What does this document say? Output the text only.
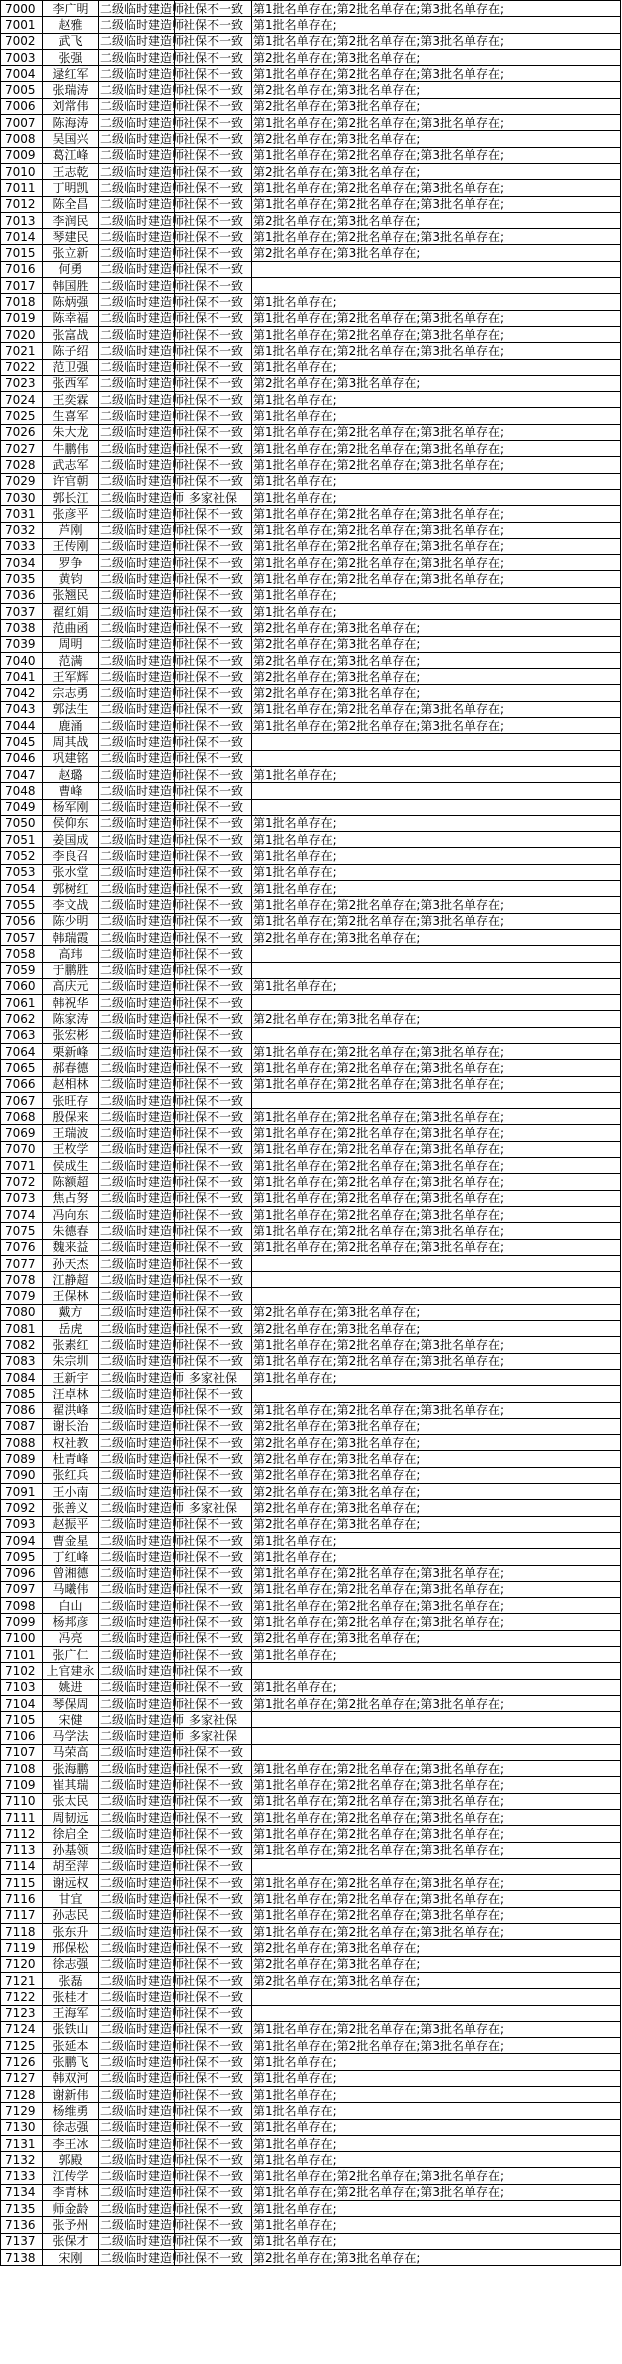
7000	李广明	二级临时建造师	社保不一致	第1批名单存在;第2批名单存在;第3批名单存在;
7001	赵雅	二级临时建造师	社保不一致	第1批名单存在;
7002	武飞	二级临时建造师	社保不一致	第1批名单存在;第2批名单存在;第3批名单存在;
7003	张强	二级临时建造师	社保不一致	第2批名单存在;第3批名单存在;
7004	逯红军	二级临时建造师	社保不一致	第1批名单存在;第2批名单存在;第3批名单存在;
7005	张瑞涛	二级临时建造师	社保不一致	第2批名单存在;第3批名单存在;
7006	刘常伟	二级临时建造师	社保不一致	第2批名单存在;第3批名单存在;
7007	陈海涛	二级临时建造师	社保不一致	第1批名单存在;第2批名单存在;第3批名单存在;
7008	吴国兴	二级临时建造师	社保不一致	第2批名单存在;第3批名单存在;
7009	葛江峰	二级临时建造师	社保不一致	第1批名单存在;第2批名单存在;第3批名单存在;
7010	王志乾	二级临时建造师	社保不一致	第2批名单存在;第3批名单存在;
7011	丁明凯	二级临时建造师	社保不一致	第1批名单存在;第2批名单存在;第3批名单存在;
7012	陈全昌	二级临时建造师	社保不一致	第1批名单存在;第2批名单存在;第3批名单存在;
7013	李润民	二级临时建造师	社保不一致	第2批名单存在;第3批名单存在;
7014	琴建民	二级临时建造师	社保不一致	第1批名单存在;第2批名单存在;第3批名单存在;
7015	张立新	二级临时建造师	社保不一致	第2批名单存在;第3批名单存在;
7016	何勇	二级临时建造师	社保不一致	
7017	韩国胜	二级临时建造师	社保不一致	
7018	陈炳强	二级临时建造师	社保不一致	第1批名单存在;
7019	陈幸福	二级临时建造师	社保不一致	第1批名单存在;第2批名单存在;第3批名单存在;
7020	张富战	二级临时建造师	社保不一致	第1批名单存在;第2批名单存在;第3批名单存在;
7021	陈子绍	二级临时建造师	社保不一致	第1批名单存在;第2批名单存在;第3批名单存在;
7022	范卫强	二级临时建造师	社保不一致	第1批名单存在;
7023	张西军	二级临时建造师	社保不一致	第2批名单存在;第3批名单存在;
7024	王奕霖	二级临时建造师	社保不一致	第1批名单存在;
7025	生喜军	二级临时建造师	社保不一致	第1批名单存在;
7026	朱大龙	二级临时建造师	社保不一致	第1批名单存在;第2批名单存在;第3批名单存在;
7027	牛鹏伟	二级临时建造师	社保不一致	第1批名单存在;第2批名单存在;第3批名单存在;
7028	武志军	二级临时建造师	社保不一致	第1批名单存在;第2批名单存在;第3批名单存在;
7029	许官朝	二级临时建造师	社保不一致	第1批名单存在;
7030	郭长江	二级临时建造师	多家社保	第1批名单存在;
7031	张彦平	二级临时建造师	社保不一致	第1批名单存在;第2批名单存在;第3批名单存在;
7032	芦刚	二级临时建造师	社保不一致	第1批名单存在;第2批名单存在;第3批名单存在;
7033	王传刚	二级临时建造师	社保不一致	第1批名单存在;第2批名单存在;第3批名单存在;
7034	罗争	二级临时建造师	社保不一致	第1批名单存在;第2批名单存在;第3批名单存在;
7035	黄钧	二级临时建造师	社保不一致	第1批名单存在;第2批名单存在;第3批名单存在;
7036	张翘民	二级临时建造师	社保不一致	第1批名单存在;
7037	翟红娟	二级临时建造师	社保不一致	第1批名单存在;
7038	范曲函	二级临时建造师	社保不一致	第2批名单存在;第3批名单存在;
7039	周明	二级临时建造师	社保不一致	第2批名单存在;第3批名单存在;
7040	范满	二级临时建造师	社保不一致	第2批名单存在;第3批名单存在;
7041	王军辉	二级临时建造师	社保不一致	第2批名单存在;第3批名单存在;
7042	宗志勇	二级临时建造师	社保不一致	第2批名单存在;第3批名单存在;
7043	郭法生	二级临时建造师	社保不一致	第1批名单存在;第2批名单存在;第3批名单存在;
7044	鹿涌	二级临时建造师	社保不一致	第1批名单存在;第2批名单存在;第3批名单存在;
7045	周其战	二级临时建造师	社保不一致	
7046	巩建铭	二级临时建造师	社保不一致	
7047	赵璐	二级临时建造师	社保不一致	第1批名单存在;
7048	曹峰	二级临时建造师	社保不一致	
7049	杨军刚	二级临时建造师	社保不一致	
7050	侯仰东	二级临时建造师	社保不一致	第1批名单存在;
7051	姜国成	二级临时建造师	社保不一致	第1批名单存在;
7052	李良召	二级临时建造师	社保不一致	第1批名单存在;
7053	张水堂	二级临时建造师	社保不一致	第1批名单存在;
7054	郭树红	二级临时建造师	社保不一致	第1批名单存在;
7055	李文战	二级临时建造师	社保不一致	第1批名单存在;第2批名单存在;第3批名单存在;
7056	陈少明	二级临时建造师	社保不一致	第1批名单存在;第2批名单存在;第3批名单存在;
7057	韩瑞霞	二级临时建造师	社保不一致	第2批名单存在;第3批名单存在;
7058	高玮	二级临时建造师	社保不一致	
7059	于鹏胜	二级临时建造师	社保不一致	
7060	高庆元	二级临时建造师	社保不一致	第1批名单存在;
7061	韩祝华	二级临时建造师	社保不一致	
7062	陈家涛	二级临时建造师	社保不一致	第2批名单存在;第3批名单存在;
7063	张宏彬	二级临时建造师	社保不一致	
7064	栗新峰	二级临时建造师	社保不一致	第1批名单存在;第2批名单存在;第3批名单存在;
7065	郝春德	二级临时建造师	社保不一致	第1批名单存在;第2批名单存在;第3批名单存在;
7066	赵相林	二级临时建造师	社保不一致	第1批名单存在;第2批名单存在;第3批名单存在;
7067	张旺存	二级临时建造师	社保不一致	
7068	殷保来	二级临时建造师	社保不一致	第1批名单存在;第2批名单存在;第3批名单存在;
7069	王瑞波	二级临时建造师	社保不一致	第1批名单存在;第2批名单存在;第3批名单存在;
7070	王枚学	二级临时建造师	社保不一致	第1批名单存在;第2批名单存在;第3批名单存在;
7071	侯成生	二级临时建造师	社保不一致	第1批名单存在;第2批名单存在;第3批名单存在;
7072	陈额超	二级临时建造师	社保不一致	第1批名单存在;第2批名单存在;第3批名单存在;
7073	焦占努	二级临时建造师	社保不一致	第1批名单存在;第2批名单存在;第3批名单存在;
7074	冯向东	二级临时建造师	社保不一致	第1批名单存在;第2批名单存在;第3批名单存在;
7075	朱德春	二级临时建造师	社保不一致	第1批名单存在;第2批名单存在;第3批名单存在;
7076	魏来益	二级临时建造师	社保不一致	第1批名单存在;第2批名单存在;第3批名单存在;
7077	孙天杰	二级临时建造师	社保不一致	
7078	江静超	二级临时建造师	社保不一致	
7079	王保林	二级临时建造师	社保不一致	
7080	戴方	二级临时建造师	社保不一致	第2批名单存在;第3批名单存在;
7081	岳虎	二级临时建造师	社保不一致	第2批名单存在;第3批名单存在;
7082	张素红	二级临时建造师	社保不一致	第1批名单存在;第2批名单存在;第3批名单存在;
7083	朱宗圳	二级临时建造师	社保不一致	第1批名单存在;第2批名单存在;第3批名单存在;
7084	王新宇	二级临时建造师	多家社保	第1批名单存在;
7085	汪卓林	二级临时建造师	社保不一致	
7086	翟洪峰	二级临时建造师	社保不一致	第1批名单存在;第2批名单存在;第3批名单存在;
7087	谢长治	二级临时建造师	社保不一致	第2批名单存在;第3批名单存在;
7088	权社教	二级临时建造师	社保不一致	第2批名单存在;第3批名单存在;
7089	杜青峰	二级临时建造师	社保不一致	第2批名单存在;第3批名单存在;
7090	张红兵	二级临时建造师	社保不一致	第2批名单存在;第3批名单存在;
7091	王小南	二级临时建造师	社保不一致	第2批名单存在;第3批名单存在;
7092	张善义	二级临时建造师	多家社保	第2批名单存在;第3批名单存在;
7093	赵振平	二级临时建造师	社保不一致	第2批名单存在;第3批名单存在;
7094	曹金星	二级临时建造师	社保不一致	第1批名单存在;
7095	丁红峰	二级临时建造师	社保不一致	第1批名单存在;
7096	曾湘德	二级临时建造师	社保不一致	第1批名单存在;第2批名单存在;第3批名单存在;
7097	马曦伟	二级临时建造师	社保不一致	第1批名单存在;第2批名单存在;第3批名单存在;
7098	白山	二级临时建造师	社保不一致	第1批名单存在;第2批名单存在;第3批名单存在;
7099	杨邦彦	二级临时建造师	社保不一致	第1批名单存在;第2批名单存在;第3批名单存在;
7100	冯亮	二级临时建造师	社保不一致	第2批名单存在;第3批名单存在;
7101	张广仁	二级临时建造师	社保不一致	第1批名单存在;
7102	上官建永	二级临时建造师	社保不一致	
7103	姚进	二级临时建造师	社保不一致	第1批名单存在;
7104	琴保周	二级临时建造师	社保不一致	第1批名单存在;第2批名单存在;第3批名单存在;
7105	宋健	二级临时建造师	多家社保	
7106	马学法	二级临时建造师	多家社保	
7107	马荣高	二级临时建造师	社保不一致	
7108	张海鹏	二级临时建造师	社保不一致	第1批名单存在;第2批名单存在;第3批名单存在;
7109	崔其瑞	二级临时建造师	社保不一致	第1批名单存在;第2批名单存在;第3批名单存在;
7110	张太民	二级临时建造师	社保不一致	第1批名单存在;第2批名单存在;第3批名单存在;
7111	周韧远	二级临时建造师	社保不一致	第1批名单存在;第2批名单存在;第3批名单存在;
7112	徐启全	二级临时建造师	社保不一致	第1批名单存在;第2批名单存在;第3批名单存在;
7113	孙基领	二级临时建造师	社保不一致	第1批名单存在;第2批名单存在;第3批名单存在;
7114	胡至萍	二级临时建造师	社保不一致	
7115	谢远权	二级临时建造师	社保不一致	第1批名单存在;第2批名单存在;第3批名单存在;
7116	甘宜	二级临时建造师	社保不一致	第1批名单存在;第2批名单存在;第3批名单存在;
7117	孙志民	二级临时建造师	社保不一致	第1批名单存在;第2批名单存在;第3批名单存在;
7118	张东升	二级临时建造师	社保不一致	第1批名单存在;第2批名单存在;第3批名单存在;
7119	邢保松	二级临时建造师	社保不一致	第2批名单存在;第3批名单存在;
7120	徐志强	二级临时建造师	社保不一致	第2批名单存在;第3批名单存在;
7121	张磊	二级临时建造师	社保不一致	第2批名单存在;第3批名单存在;
7122	张桂才	二级临时建造师	社保不一致	
7123	王海军	二级临时建造师	社保不一致	
7124	张铁山	二级临时建造师	社保不一致	第1批名单存在;第2批名单存在;第3批名单存在;
7125	张延本	二级临时建造师	社保不一致	第1批名单存在;第2批名单存在;第3批名单存在;
7126	张鹏飞	二级临时建造师	社保不一致	第1批名单存在;
7127	韩双河	二级临时建造师	社保不一致	第1批名单存在;
7128	谢新伟	二级临时建造师	社保不一致	第1批名单存在;
7129	杨维勇	二级临时建造师	社保不一致	第1批名单存在;
7130	徐志强	二级临时建造师	社保不一致	第1批名单存在;
7131	李王冰	二级临时建造师	社保不一致	第1批名单存在;
7132	郭殿	二级临时建造师	社保不一致	第1批名单存在;
7133	江传学	二级临时建造师	社保不一致	第1批名单存在;第2批名单存在;第3批名单存在;
7134	李青林	二级临时建造师	社保不一致	第1批名单存在;第2批名单存在;第3批名单存在;
7135	师金龄	二级临时建造师	社保不一致	第1批名单存在;
7136	张予州	二级临时建造师	社保不一致	第1批名单存在;
7137	张保才	二级临时建造师	社保不一致	第1批名单存在;
7138	宋刚	二级临时建造师	社保不一致	第2批名单存在;第3批名单存在;
